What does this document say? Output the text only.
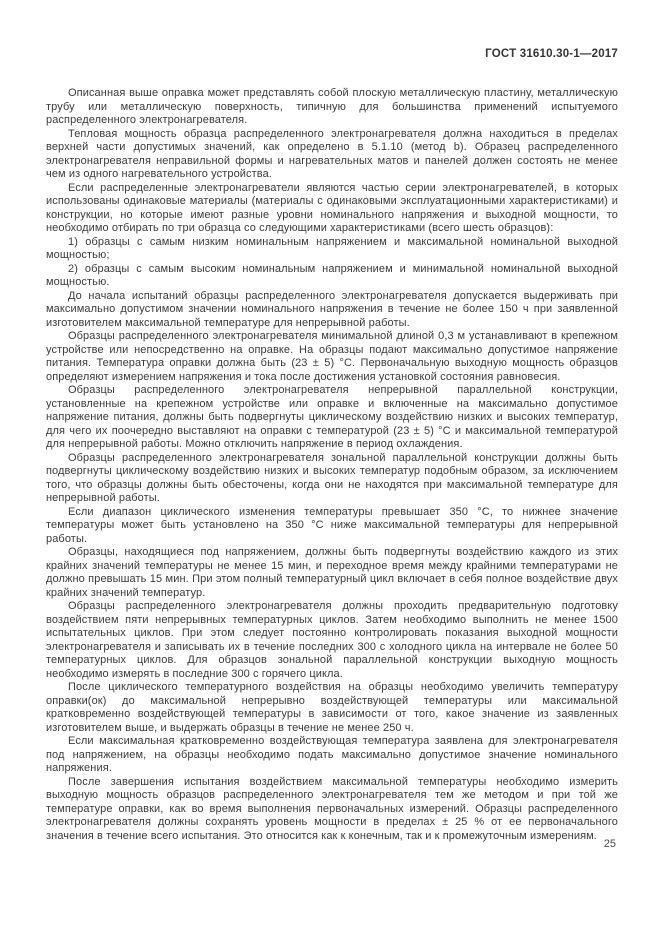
ГОСТ 31610.30-1—2017

Описанная выше оправка может представлять собой плоскую металлическую пластину, металлическую трубу или металлическую поверхность, типичную для большинства применений испытуемого распределенного электронагревателя.

Тепловая мощность образца распределенного электронагревателя должна находиться в пределах верхней части допустимых значений, как определено в 5.1.10 (метод b). Образец распределенного электронагревателя неправильной формы и нагревательных матов и панелей должен состоять не менее чем из одного нагревательного устройства.

Если распределенные электронагреватели являются частью серии электронагревателей, в которых использованы одинаковые материалы (материалы с одинаковыми эксплуатационными характеристиками) и конструкции, но которые имеют разные уровни номинального напряжения и выходной мощности, то необходимо отбирать по три образца со следующими характеристиками (всего шесть образцов):

1) образцы с самым низким номинальным напряжением и максимальной номинальной выходной мощностью;

2) образцы с самым высоким номинальным напряжением и минимальной номинальной выходной мощностью.

До начала испытаний образцы распределенного электронагревателя допускается выдерживать при максимально допустимом значении номинального напряжения в течение не более 150 ч при заявленной изготовителем максимальной температуре для непрерывной работы.

Образцы распределенного электронагревателя минимальной длиной 0,3 м устанавливают в крепежном устройстве или непосредственно на оправке. На образцы подают максимально допустимое напряжение питания. Температура оправки должна быть (23 ± 5) °С. Первоначальную выходную мощность образцов определяют измерением напряжения и тока после достижения установкой состояния равновесия.

Образцы распределенного электронагревателя непрерывной параллельной конструкции, установленные на крепежном устройстве или оправке и включенные на максимально допустимое напряжение питания, должны быть подвергнуты циклическому воздействию низких и высоких температур, для чего их поочередно выставляют на оправки с температурой (23 ± 5) °С и максимальной температурой для непрерывной работы. Можно отключить напряжение в период охлаждения.

Образцы распределенного электронагревателя зональной параллельной конструкции должны быть подвергнуты циклическому воздействию низких и высоких температур подобным образом, за исключением того, что образцы должны быть обесточены, когда они не находятся при максимальной температуре для непрерывной работы.

Если диапазон циклического изменения температуры превышает 350 °С, то нижнее значение температуры может быть установлено на 350 °С ниже максимальной температуры для непрерывной работы.

Образцы, находящиеся под напряжением, должны быть подвергнуты воздействию каждого из этих крайних значений температуры не менее 15 мин, и переходное время между крайними температурами не должно превышать 15 мин. При этом полный температурный цикл включает в себя полное воздействие двух крайних значений температур.

Образцы распределенного электронагревателя должны проходить предварительную подготовку воздействием пяти непрерывных температурных циклов. Затем необходимо выполнить не менее 1500 испытательных циклов. При этом следует постоянно контролировать показания выходной мощности электронагревателя и записывать их в течение последних 300 с холодного цикла на интервале не более 50 температурных циклов. Для образцов зональной параллельной конструкции выходную мощность необходимо измерять в последние 300 с горячего цикла.

После циклического температурного воздействия на образцы необходимо увеличить температуру оправки(ок) до максимальной непрерывно воздействующей температуры или максимальной кратковременно воздействующей температуры в зависимости от того, какое значение из заявленных изготовителем выше, и выдержать образцы в течение не менее 250 ч.

Если максимальная кратковременно воздействующая температура заявлена для электронагревателя под напряжением, на образцы необходимо подать максимально допустимое значение номинального напряжения.

После завершения испытания воздействием максимальной температуры необходимо измерить выходную мощность образцов распределенного электронагревателя тем же методом и при той же температуре оправки, как во время выполнения первоначальных измерений. Образцы распределенного электронагревателя должны сохранять уровень мощности в пределах ± 25 % от ее первоначального значения в течение всего испытания. Это относится как к конечным, так и к промежуточным измерениям.

25
